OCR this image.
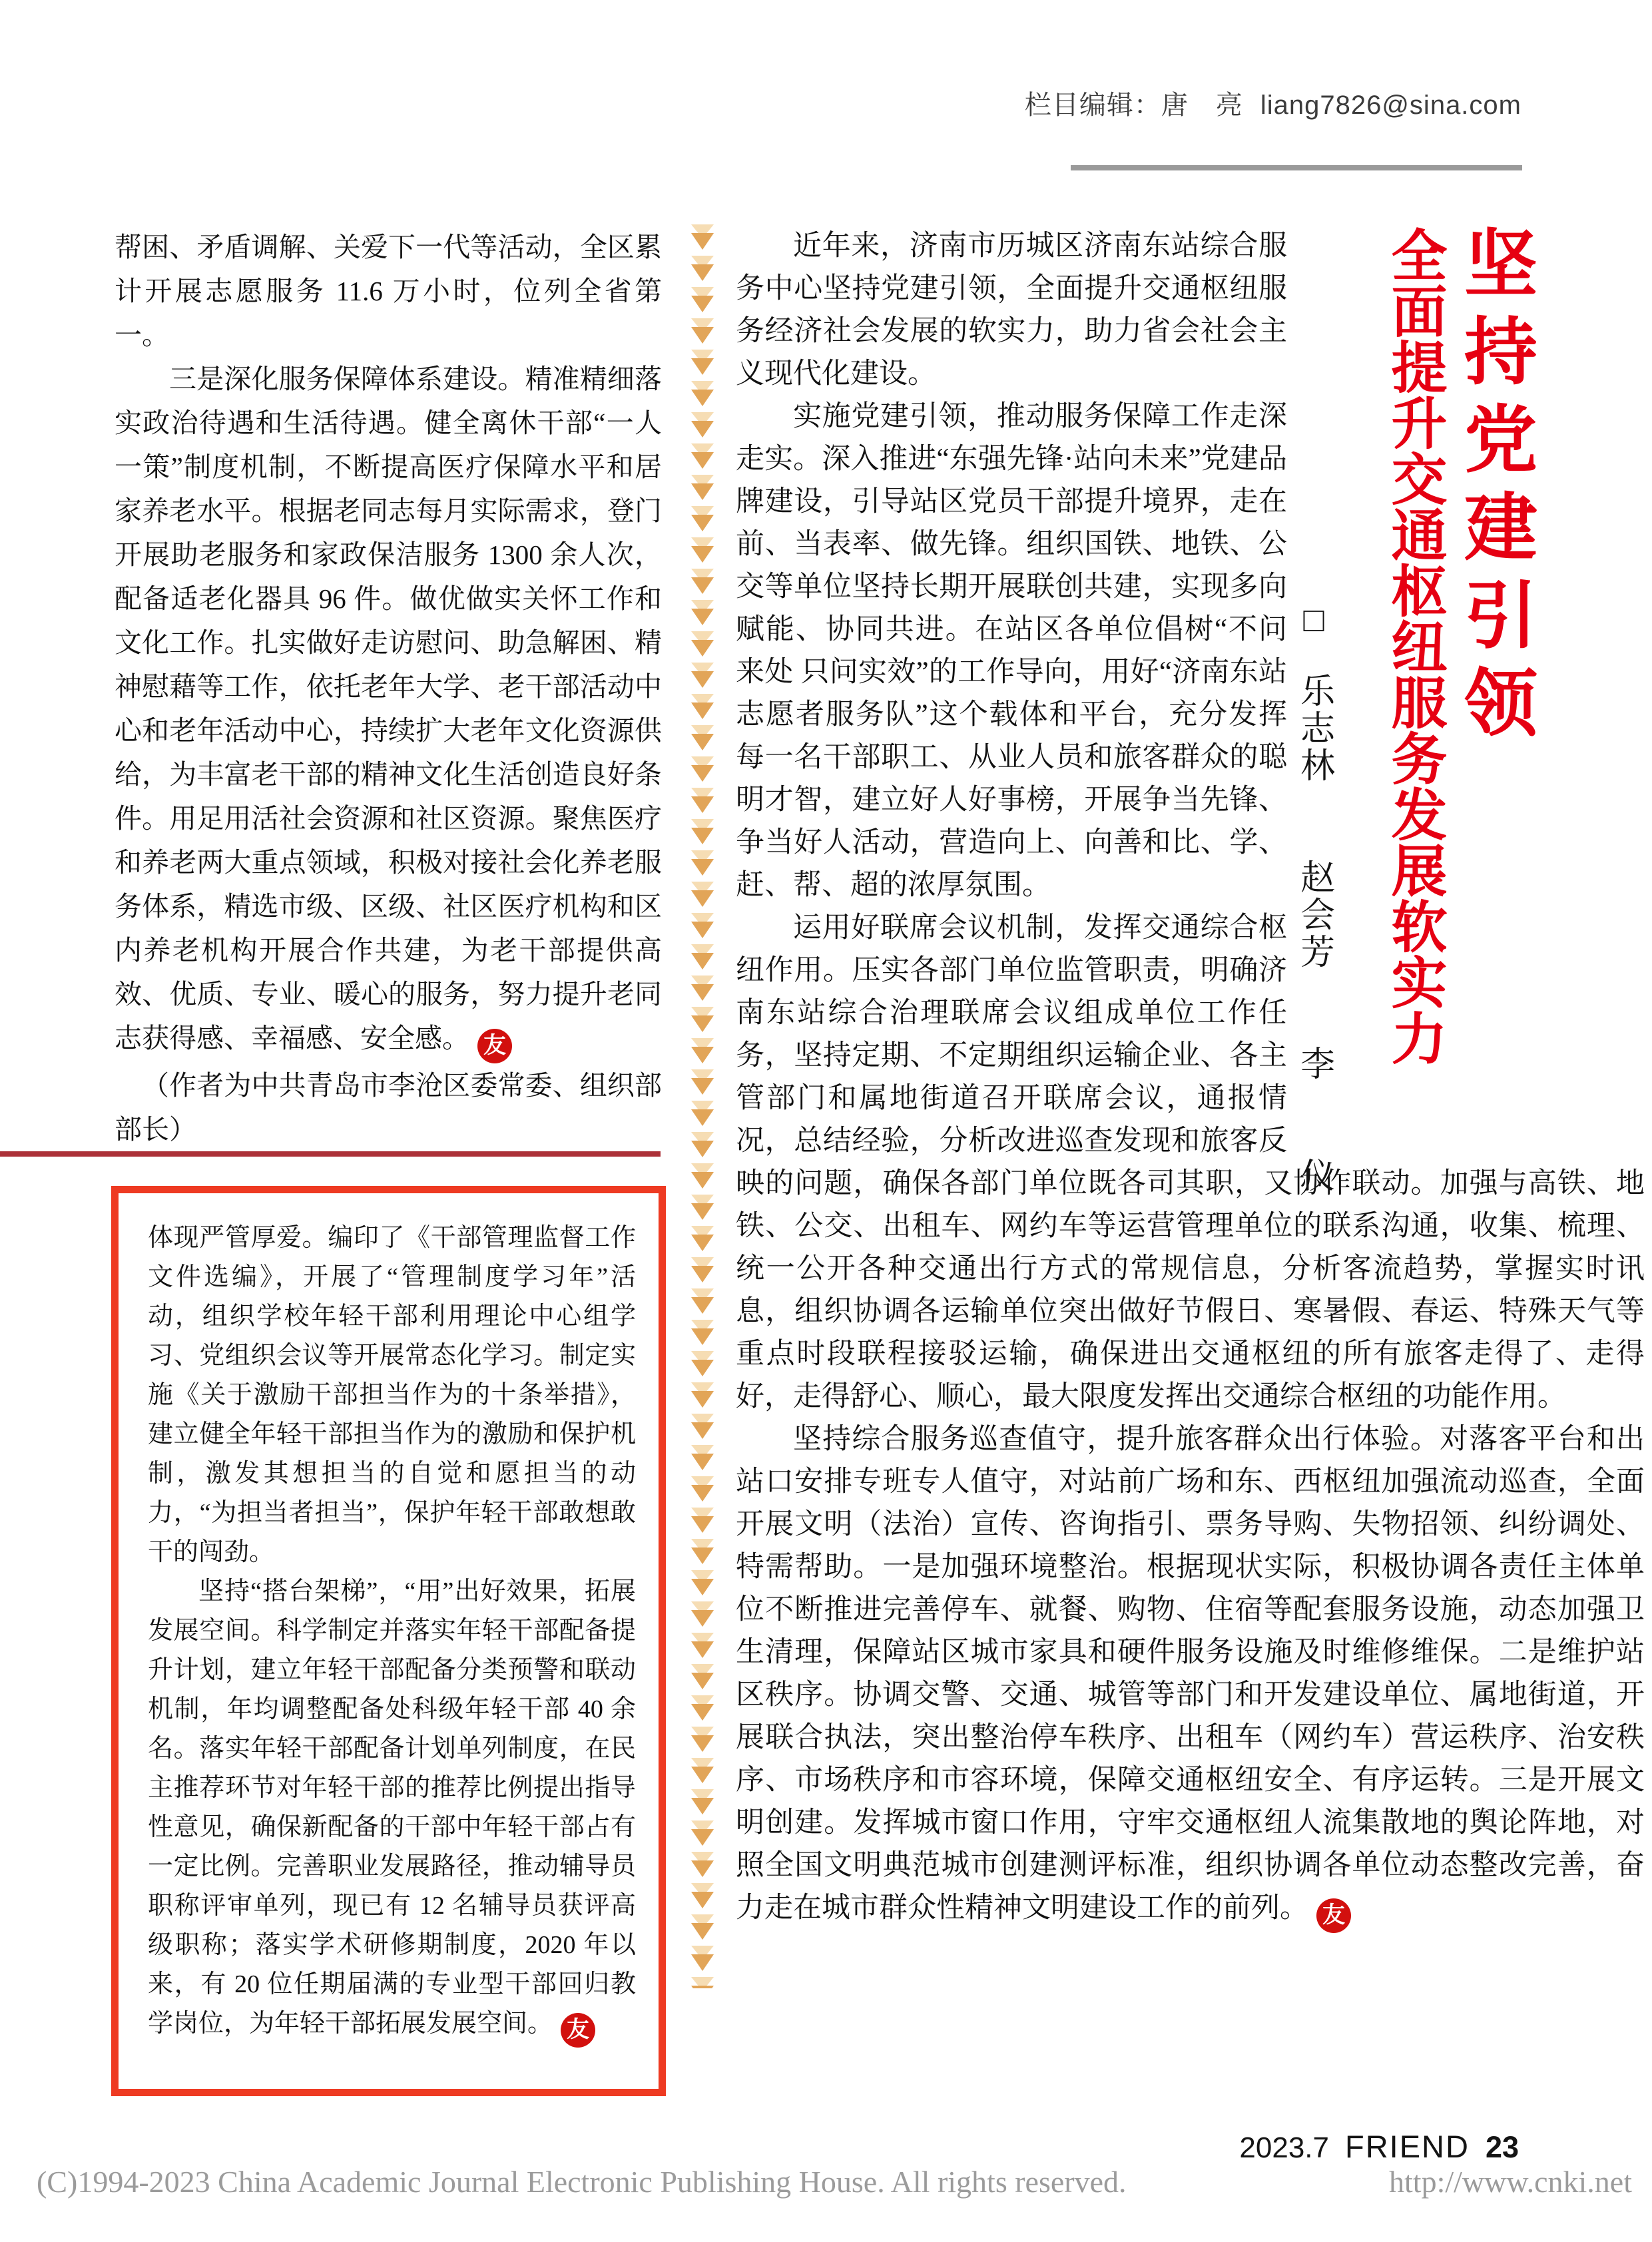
栏目编辑：唐　亮 liang7826@sina.com

帮困、矛盾调解、关爱下一代等活动，全区累计开展志愿服务 11.6 万小时，位列全省第一。

三是深化服务保障体系建设。精准精细落实政治待遇和生活待遇。健全离休干部“一人一策”制度机制，不断提高医疗保障水平和居家养老水平。根据老同志每月实际需求，登门开展助老服务和家政保洁服务 1300 余人次，配备适老化器具 96 件。做优做实关怀工作和文化工作。扎实做好走访慰问、助急解困、精神慰藉等工作，依托老年大学、老干部活动中心和老年活动中心，持续扩大老年文化资源供给，为丰富老干部的精神文化生活创造良好条件。用足用活社会资源和社区资源。聚焦医疗和养老两大重点领域，积极对接社会化养老服务体系，精选市级、区级、社区医疗机构和区内养老机构开展合作共建，为老干部提供高效、优质、专业、暖心的服务，努力提升老同志获得感、幸福感、安全感。 友

（作者为中共青岛市李沧区委常委、组织部部长）

体现严管厚爱。编印了《干部管理监督工作文件选编》，开展了“管理制度学习年”活动，组织学校年轻干部利用理论中心组学习、党组织会议等开展常态化学习。制定实施《关于激励干部担当作为的十条举措》，建立健全年轻干部担当作为的激励和保护机制，激发其想担当的自觉和愿担当的动力，“为担当者担当”，保护年轻干部敢想敢干的闯劲。

坚持“搭台架梯”，“用”出好效果，拓展发展空间。科学制定并落实年轻干部配备提升计划，建立年轻干部配备分类预警和联动机制，年均调整配备处科级年轻干部 40 余名。落实年轻干部配备计划单列制度，在民主推荐环节对年轻干部的推荐比例提出指导性意见，确保新配备的干部中年轻干部占有一定比例。完善职业发展路径，推动辅导员职称评审单列，现已有 12 名辅导员获评高级职称；落实学术研修期制度，2020 年以来，有 20 位任期届满的专业型干部回归教学岗位，为年轻干部拓展发展空间。 友

坚持党建引领
全面提升交通枢纽服务发展软实力
□乐志林　　赵会芳　　李　　仪

近年来，济南市历城区济南东站综合服务中心坚持党建引领，全面提升交通枢纽服务经济社会发展的软实力，助力省会社会主义现代化建设。

实施党建引领，推动服务保障工作走深走实。深入推进“东强先锋·站向未来”党建品牌建设，引导站区党员干部提升境界，走在前、当表率、做先锋。组织国铁、地铁、公交等单位坚持长期开展联创共建，实现多向赋能、协同共进。在站区各单位倡树“不问来处 只问实效”的工作导向，用好“济南东站志愿者服务队”这个载体和平台，充分发挥每一名干部职工、从业人员和旅客群众的聪明才智，建立好人好事榜，开展争当先锋、争当好人活动，营造向上、向善和比、学、赶、帮、超的浓厚氛围。

运用好联席会议机制，发挥交通综合枢纽作用。压实各部门单位监管职责，明确济南东站综合治理联席会议组成单位工作任务，坚持定期、不定期组织运输企业、各主管部门和属地街道召开联席会议，通报情况，总结经验，分析改进巡查发现和旅客反映的问题，确保各部门单位既各司其职，又协作联动。加强与高铁、地铁、公交、出租车、网约车等运营管理单位的联系沟通，收集、梳理、统一公开各种交通出行方式的常规信息，分析客流趋势，掌握实时讯息，组织协调各运输单位突出做好节假日、寒暑假、春运、特殊天气等重点时段联程接驳运输，确保进出交通枢纽的所有旅客走得了、走得好，走得舒心、顺心，最大限度发挥出交通综合枢纽的功能作用。

坚持综合服务巡查值守，提升旅客群众出行体验。对落客平台和出站口安排专班专人值守，对站前广场和东、西枢纽加强流动巡查，全面开展文明（法治）宣传、咨询指引、票务导购、失物招领、纠纷调处、特需帮助。一是加强环境整治。根据现状实际，积极协调各责任主体单位不断推进完善停车、就餐、购物、住宿等配套服务设施，动态加强卫生清理，保障站区城市家具和硬件服务设施及时维修维保。二是维护站区秩序。协调交警、交通、城管等部门和开发建设单位、属地街道，开展联合执法，突出整治停车秩序、出租车（网约车）营运秩序、治安秩序、市场秩序和市容环境，保障交通枢纽安全、有序运转。三是开展文明创建。发挥城市窗口作用，守牢交通枢纽人流集散地的舆论阵地，对照全国文明典范城市创建测评标准，组织协调各单位动态整改完善，奋力走在城市群众性精神文明建设工作的前列。 友

2023.7 FRIEND 23
(C)1994-2023 China Academic Journal Electronic Publishing House. All rights reserved.	http://www.cnki.net
